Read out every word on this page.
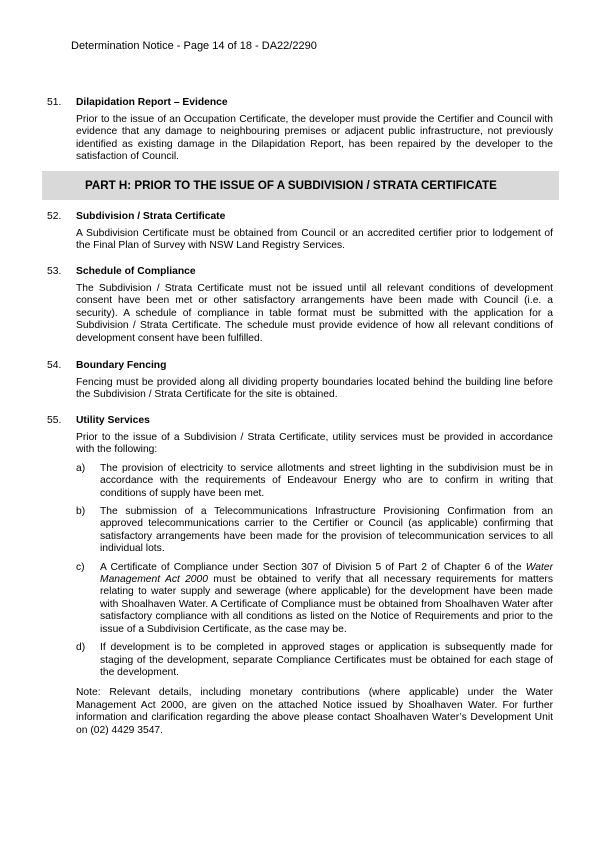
Determination Notice - Page 14 of 18 - DA22/2290
51. Dilapidation Report – Evidence

Prior to the issue of an Occupation Certificate, the developer must provide the Certifier and Council with evidence that any damage to neighbouring premises or adjacent public infrastructure, not previously identified as existing damage in the Dilapidation Report, has been repaired by the developer to the satisfaction of Council.

PART H: PRIOR TO THE ISSUE OF A SUBDIVISION / STRATA CERTIFICATE
52. Subdivision / Strata Certificate

A Subdivision Certificate must be obtained from Council or an accredited certifier prior to lodgement of the Final Plan of Survey with NSW Land Registry Services.

53. Schedule of Compliance

The Subdivision / Strata Certificate must not be issued until all relevant conditions of development consent have been met or other satisfactory arrangements have been made with Council (i.e. a security). A schedule of compliance in table format must be submitted with the application for a Subdivision / Strata Certificate. The schedule must provide evidence of how all relevant conditions of development consent have been fulfilled.

54. Boundary Fencing

Fencing must be provided along all dividing property boundaries located behind the building line before the Subdivision / Strata Certificate for the site is obtained.

55. Utility Services

Prior to the issue of a Subdivision / Strata Certificate, utility services must be provided in accordance with the following:

a) The provision of electricity to service allotments and street lighting in the subdivision must be in accordance with the requirements of Endeavour Energy who are to confirm in writing that conditions of supply have been met.
b) The submission of a Telecommunications Infrastructure Provisioning Confirmation from an approved telecommunications carrier to the Certifier or Council (as applicable) confirming that satisfactory arrangements have been made for the provision of telecommunication services to all individual lots.
c) A Certificate of Compliance under Section 307 of Division 5 of Part 2 of Chapter 6 of the Water Management Act 2000 must be obtained to verify that all necessary requirements for matters relating to water supply and sewerage (where applicable) for the development have been made with Shoalhaven Water. A Certificate of Compliance must be obtained from Shoalhaven Water after satisfactory compliance with all conditions as listed on the Notice of Requirements and prior to the issue of a Subdivision Certificate, as the case may be.
d) If development is to be completed in approved stages or application is subsequently made for staging of the development, separate Compliance Certificates must be obtained for each stage of the development.

Note: Relevant details, including monetary contributions (where applicable) under the Water Management Act 2000, are given on the attached Notice issued by Shoalhaven Water. For further information and clarification regarding the above please contact Shoalhaven Water’s Development Unit on (02) 4429 3547.
